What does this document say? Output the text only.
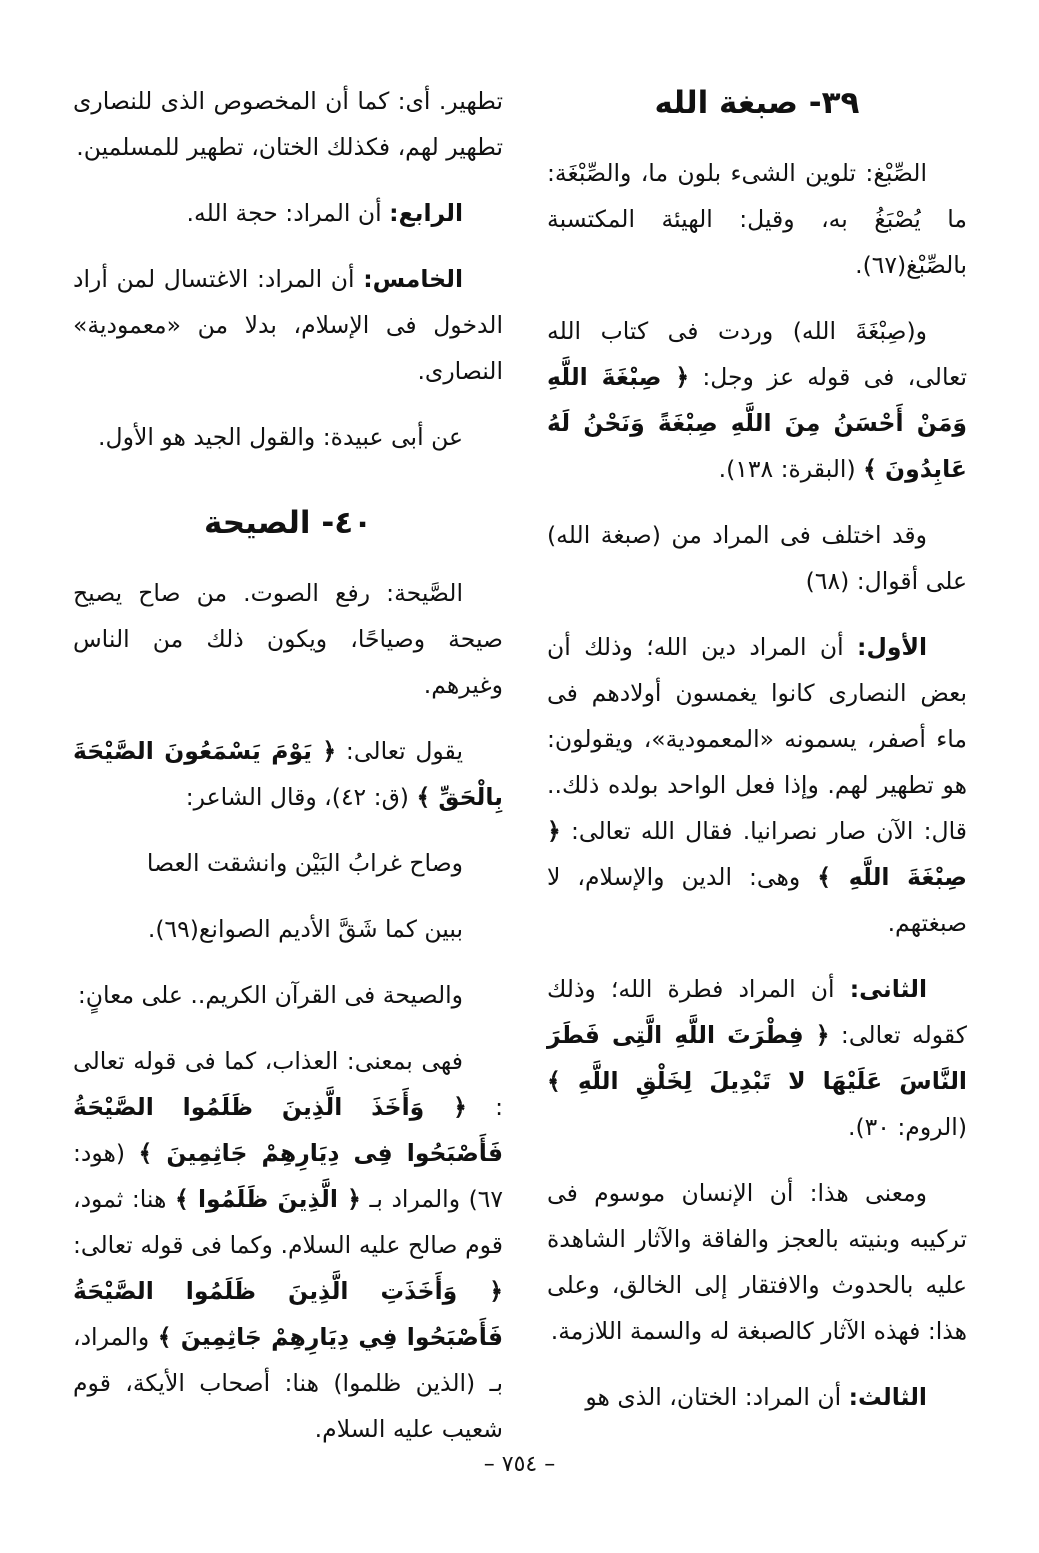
٣٩- صبغة الله

الصِّبْغ: تلوين الشىء بلون ما، والصِّبْغَة: ما يُصْبَغُ به، وقيل: الهيئة المكتسبة بالصِّبْغ(٦٧).

و(صِبْغَةَ الله) وردت فى كتاب الله تعالى، فى قوله عز وجل: ﴿ صِبْغَةَ اللَّهِ وَمَنْ أَحْسَنُ مِنَ اللَّهِ صِبْغَةً وَنَحْنُ لَهُ عَابِدُونَ ﴾ (البقرة: ١٣٨).

وقد اختلف فى المراد من (صبغة الله) على أقوال: (٦٨)

الأول: أن المراد دين الله؛ وذلك أن بعض النصارى كانوا يغمسون أولادهم فى ماء أصفر، يسمونه «المعمودية»، ويقولون: هو تطهير لهم. وإذا فعل الواحد بولده ذلك.. قال: الآن صار نصرانيا. فقال الله تعالى: ﴿ صِبْغَةَ اللَّهِ ﴾ وهى: الدين والإسلام، لا صبغتهم.

الثانى: أن المراد فطرة الله؛ وذلك كقوله تعالى: ﴿ فِطْرَتَ اللَّهِ الَّتِى فَطَرَ النَّاسَ عَلَيْهَا لا تَبْدِيلَ لِخَلْقِ اللَّهِ ﴾ (الروم: ٣٠).

ومعنى هذا: أن الإنسان موسوم فى تركيبه وبنيته بالعجز والفاقة والآثار الشاهدة عليه بالحدوث والافتقار إلى الخالق، وعلى هذا: فهذه الآثار كالصبغة له والسمة اللازمة.

الثالث: أن المراد: الختان، الذى هو

تطهير. أى: كما أن المخصوص الذى للنصارى تطهير لهم، فكذلك الختان، تطهير للمسلمين.

الرابع: أن المراد: حجة الله.

الخامس: أن المراد: الاغتسال لمن أراد الدخول فى الإسلام، بدلا من «معمودية» النصارى.

عن أبى عبيدة: والقول الجيد هو الأول.

٤٠- الصيحة

الصَّيحة: رفع الصوت. من صاح يصيح صيحة وصياحًا، ويكون ذلك من الناس وغيرهم.

يقول تعالى: ﴿ يَوْمَ يَسْمَعُونَ الصَّيْحَةَ بِالْحَقِّ ﴾ (ق: ٤٢)، وقال الشاعر:

وصاح غرابُ البَيْن وانشقت العصا
ببين كما شَقَّ الأديم الصوانع(٦٩).

والصيحة فى القرآن الكريم.. على معانٍ:

فهى بمعنى: العذاب، كما فى قوله تعالى : ﴿ وَأَخَذَ الَّذِينَ ظَلَمُوا الصَّيْحَةُ فَأَصْبَحُوا فِى دِيَارِهِمْ جَاثِمِينَ ﴾ (هود: ٦٧) والمراد بـ ﴿ الَّذِينَ ظَلَمُوا ﴾ هنا: ثمود، قوم صالح عليه السلام. وكما فى قوله تعالى: ﴿ وَأَخَذَتِ الَّذِينَ ظَلَمُوا الصَّيْحَةُ فَأَصْبَحُوا فِي دِيَارِهِمْ جَاثِمِينَ ﴾ والمراد، بـ (الذين ظلموا) هنا: أصحاب الأيكة، قوم شعيب عليه السلام.

– ٧٥٤ –
